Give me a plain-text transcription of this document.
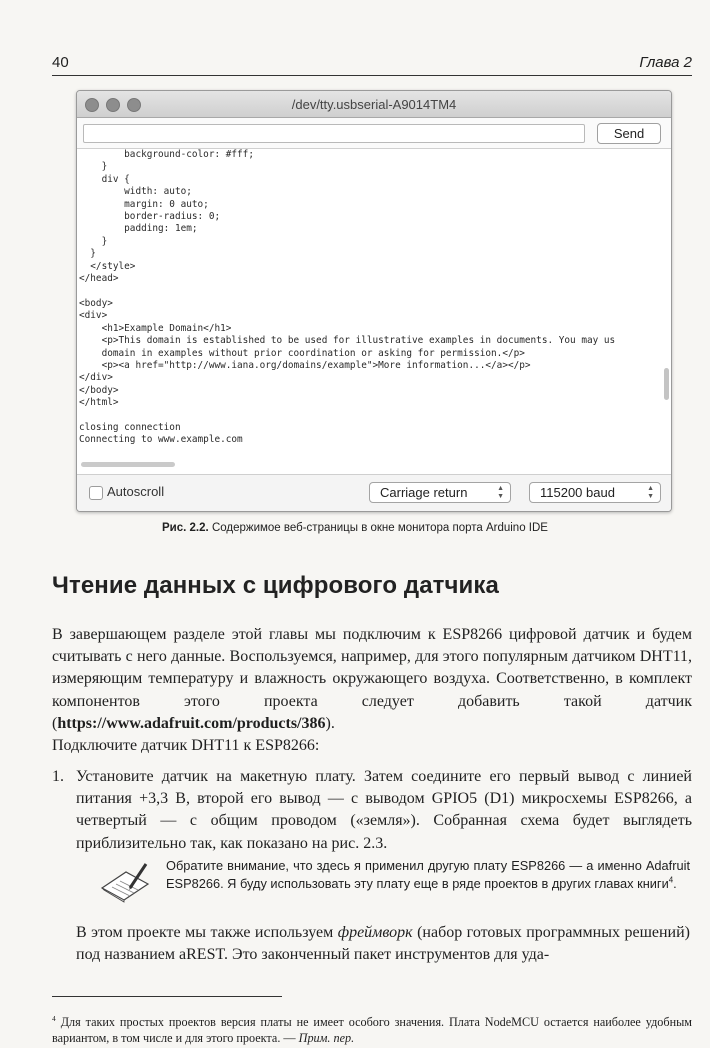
40	Глава 2
/dev/tty.usbserial-A9014TM4
Send
background-color: #fff;
}
div {
width: auto;
margin: 0 auto;
border-radius: 0;
padding: 1em;
}
}
</style>
</head>

<body>
<div>
<h1>Example Domain</h1>
<p>This domain is established to be used for illustrative examples in documents. You may us
domain in examples without prior coordination or asking for permission.</p>
<p><a href="http://www.iana.org/domains/example">More information...</a></p>
</div>
</body>
</html>

closing connection
Connecting to www.example.com
Autoscroll	Carriage return	▲
▼	115200 baud	▲
▼
Рис. 2.2. Содержимое веб-страницы в окне монитора порта Arduino IDE
Чтение данных с цифрового датчика

В завершающем разделе этой главы мы подключим к ESP8266 цифровой датчик и будем считывать с него данные. Воспользуемся, например, для этого популярным датчиком DHT11, измеряющим температуру и влажность окружающего воздуха. Соответственно, в комплект компонентов этого проекта следует добавить такой датчик (https://www.adafruit.com/products/386).

Подключите датчик DHT11 к ESP8266:

1. Установите датчик на макетную плату. Затем соедините его первый вывод с линией питания +3,3 В, второй его вывод — с выводом GPIO5 (D1) микросхемы ESP8266, а четвертый — с общим проводом («земля»). Собранная схема будет выглядеть приблизительно так, как показано на рис. 2.3.

Обратите внимание, что здесь я применил другую плату ESP8266 — а именно Adafruit ESP8266. Я буду использовать эту плату еще в ряде проектов в других главах книги$^4$.

В этом проекте мы также используем фреймворк (набор готовых программных решений) под названием aREST. Это законченный пакет инструментов для уда-

$^4$ Для таких простых проектов версия платы не имеет особого значения. Плата NodeMCU остается наиболее удобным вариантом, в том числе и для этого проекта. — Прим. пер.
